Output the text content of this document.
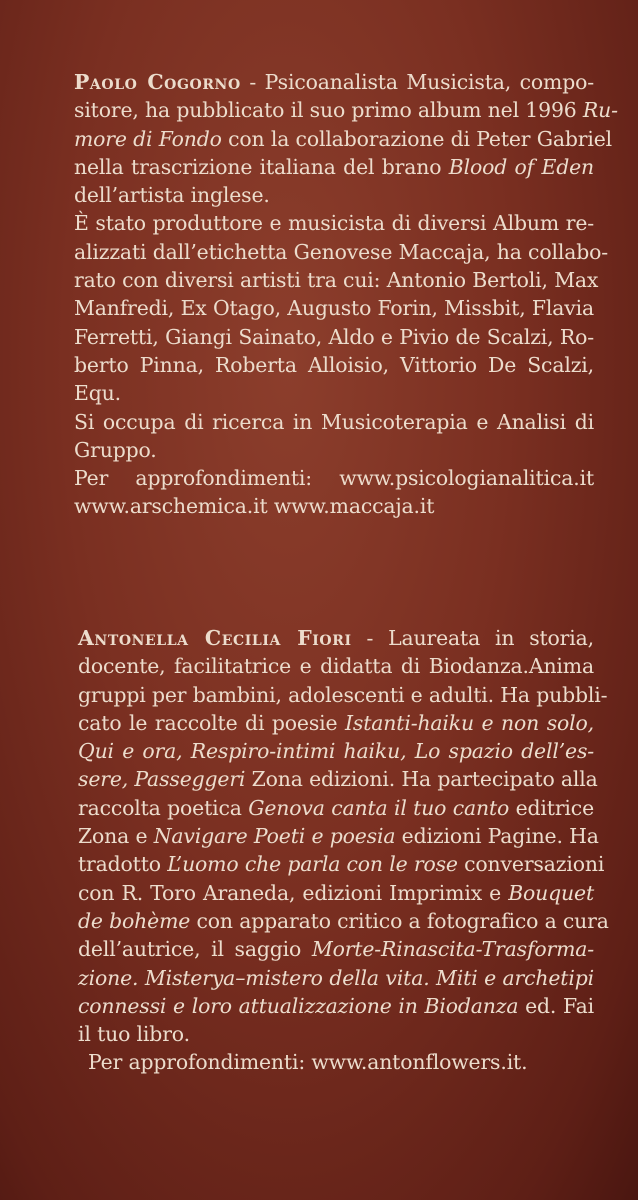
Paolo Cogorno - Psicoanalista Musicista, compo-
sitore, ha pubblicato il suo primo album nel 1996 Ru-
more di Fondo con la collaborazione di Peter Gabriel
nella trascrizione italiana del brano Blood of Eden
dell’artista inglese.
È stato produttore e musicista di diversi Album re-
alizzati dall’etichetta Genovese Maccaja, ha collabo-
rato con diversi artisti tra cui: Antonio Bertoli, Max
Manfredi, Ex Otago, Augusto Forin, Missbit, Flavia
Ferretti, Giangi Sainato, Aldo e Pivio de Scalzi, Ro-
berto Pinna, Roberta Alloisio, Vittorio De Scalzi,
Equ.
Si occupa di ricerca in Musicoterapia e Analisi di
Gruppo.
Per approfondimenti: www.psicologianalitica.it
www.arschemica.it www.maccaja.it
Antonella Cecilia Fiori - Laureata in storia,
docente, facilitatrice e didatta di Biodanza.Anima
gruppi per bambini, adolescenti e adulti. Ha pubbli-
cato le raccolte di poesie Istanti-haiku e non solo,
Qui e ora, Respiro-intimi haiku, Lo spazio dell’es-
sere, Passeggeri Zona edizioni. Ha partecipato alla
raccolta poetica Genova canta il tuo canto editrice
Zona e Navigare Poeti e poesia edizioni Pagine. Ha
tradotto L’uomo che parla con le rose conversazioni
con R. Toro Araneda, edizioni Imprimix e Bouquet
de bohème con apparato critico a fotografico a cura
dell’autrice, il saggio Morte-Rinascita-Trasforma-
zione. Misterya–mistero della vita. Miti e archetipi
connessi e loro attualizzazione in Biodanza ed. Fai
il tuo libro.
Per approfondimenti: www.antonflowers.it.
